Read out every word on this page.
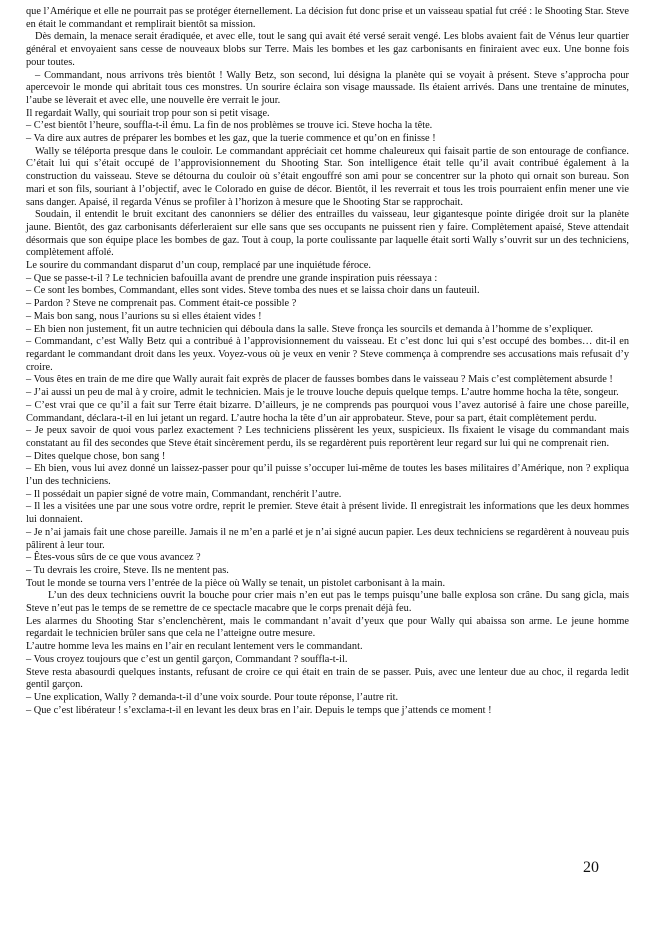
que l’Amérique et elle ne pourrait pas se protéger éternellement. La décision fut donc prise et un vaisseau spatial fut créé : le Shooting Star. Steve en était le commandant et remplirait bientôt sa mission.

Dès demain, la menace serait éradiquée, et avec elle, tout le sang qui avait été versé serait vengé. Les blobs avaient fait de Vénus leur quartier général et envoyaient sans cesse de nouveaux blobs sur Terre. Mais les bombes et les gaz carbonisants en finiraient avec eux. Une bonne fois pour toutes.

– Commandant, nous arrivons très bientôt ! Wally Betz, son second, lui désigna la planète qui se voyait à présent. Steve s’approcha pour apercevoir le monde qui abritait tous ces monstres. Un sourire éclaira son visage maussade. Ils étaient arrivés. Dans une trentaine de minutes, l’aube se lèverait et avec elle, une nouvelle ère verrait le jour.

Il regardait Wally, qui souriait trop pour son si petit visage.

– C’est bientôt l’heure, souffla-t-il ému. La fin de nos problèmes se trouve ici. Steve hocha la tête.

– Va dire aux autres de préparer les bombes et les gaz, que la tuerie commence et qu’on en finisse !

Wally se téléporta presque dans le couloir. Le commandant appréciait cet homme chaleureux qui faisait partie de son entourage de confiance. C’était lui qui s’était occupé de l’approvisionnement du Shooting Star. Son intelligence était telle qu’il avait contribué également à la construction du vaisseau. Steve se détourna du couloir où s’était engouffré son ami pour se concentrer sur la photo qui ornait son bureau. Son mari et son fils, souriant à l’objectif, avec le Colorado en guise de décor. Bientôt, il les reverrait et tous les trois pourraient enfin mener une vie sans danger. Apaisé, il regarda Vénus se profiler à l’horizon à mesure que le Shooting Star se rapprochait.

Soudain, il entendit le bruit excitant des canonniers se délier des entrailles du vaisseau, leur gigantesque pointe dirigée droit sur la planète jaune. Bientôt, des gaz carbonisants déferleraient sur elle sans que ses occupants ne puissent rien y faire. Complètement apaisé, Steve attendait désormais que son équipe place les bombes de gaz. Tout à coup, la porte coulissante par laquelle était sorti Wally s’ouvrit sur un des techniciens, complètement affolé.

Le sourire du commandant disparut d’un coup, remplacé par une inquiétude féroce.

– Que se passe-t-il ? Le technicien bafouilla avant de prendre une grande inspiration puis réessaya :

– Ce sont les bombes, Commandant, elles sont vides. Steve tomba des nues et se laissa choir dans un fauteuil.

– Pardon ? Steve ne comprenait pas. Comment était-ce possible ?

– Mais bon sang, nous l’aurions su si elles étaient vides !

– Eh bien non justement, fit un autre technicien qui déboula dans la salle. Steve fronça les sourcils et demanda à l’homme de s’expliquer.

– Commandant, c’est Wally Betz qui a contribué à l’approvisionnement du vaisseau. Et c’est donc lui qui s’est occupé des bombes… dit-il en regardant le commandant droit dans les yeux. Voyez-vous où je veux en venir ? Steve commença à comprendre ses accusations mais refusait d’y croire.

– Vous êtes en train de me dire que Wally aurait fait exprès de placer de fausses bombes dans le vaisseau ? Mais c’est complètement absurde !

– J’ai aussi un peu de mal à y croire, admit le technicien. Mais je le trouve louche depuis quelque temps. L’autre homme hocha la tête, songeur.

– C’est vrai que ce qu’il a fait sur Terre était bizarre. D’ailleurs, je ne comprends pas pourquoi vous l’avez autorisé à faire une chose pareille, Commandant, déclara-t-il en lui jetant un regard. L’autre hocha la tête d’un air approbateur. Steve, pour sa part, était complètement perdu.

– Je peux savoir de quoi vous parlez exactement ? Les techniciens plissèrent les yeux, suspicieux. Ils fixaient le visage du commandant mais constatant au fil des secondes que Steve était sincèrement perdu, ils se regardèrent puis reportèrent leur regard sur lui qui ne comprenait rien.

– Dites quelque chose, bon sang !

– Eh bien, vous lui avez donné un laissez-passer pour qu’il puisse s’occuper lui-même de toutes les bases militaires d’Amérique, non ? expliqua l’un des techniciens.

– Il possédait un papier signé de votre main, Commandant, renchérit l’autre.

– Il les a visitées une par une sous votre ordre, reprit le premier. Steve était à présent livide. Il enregistrait les informations que les deux hommes lui donnaient.

– Je n’ai jamais fait une chose pareille. Jamais il ne m’en a parlé et je n’ai signé aucun papier. Les deux techniciens se regardèrent à nouveau puis pâlirent à leur tour.

– Êtes-vous sûrs de ce que vous avancez ?

– Tu devrais les croire, Steve. Ils ne mentent pas.

Tout le monde se tourna vers l’entrée de la pièce où Wally se tenait, un pistolet carbonisant à la main.

L’un des deux techniciens ouvrit la bouche pour crier mais n’en eut pas le temps puisqu’une balle explosa son crâne. Du sang gicla, mais Steve n’eut pas le temps de se remettre de ce spectacle macabre que le corps prenait déjà feu.

Les alarmes du Shooting Star s’enclenchèrent, mais le commandant n’avait d’yeux que pour Wally qui abaissa son arme. Le jeune homme regardait le technicien brûler sans que cela ne l’atteigne outre mesure.

L’autre homme leva les mains en l’air en reculant lentement vers le commandant.

– Vous croyez toujours que c’est un gentil garçon, Commandant ? souffla-t-il.

Steve resta abasourdi quelques instants, refusant de croire ce qui était en train de se passer. Puis, avec une lenteur due au choc, il regarda ledit gentil garçon.

– Une explication, Wally ? demanda-t-il d’une voix sourde. Pour toute réponse, l’autre rit.

– Que c’est libérateur ! s’exclama-t-il en levant les deux bras en l’air. Depuis le temps que j’attends ce moment !

20
